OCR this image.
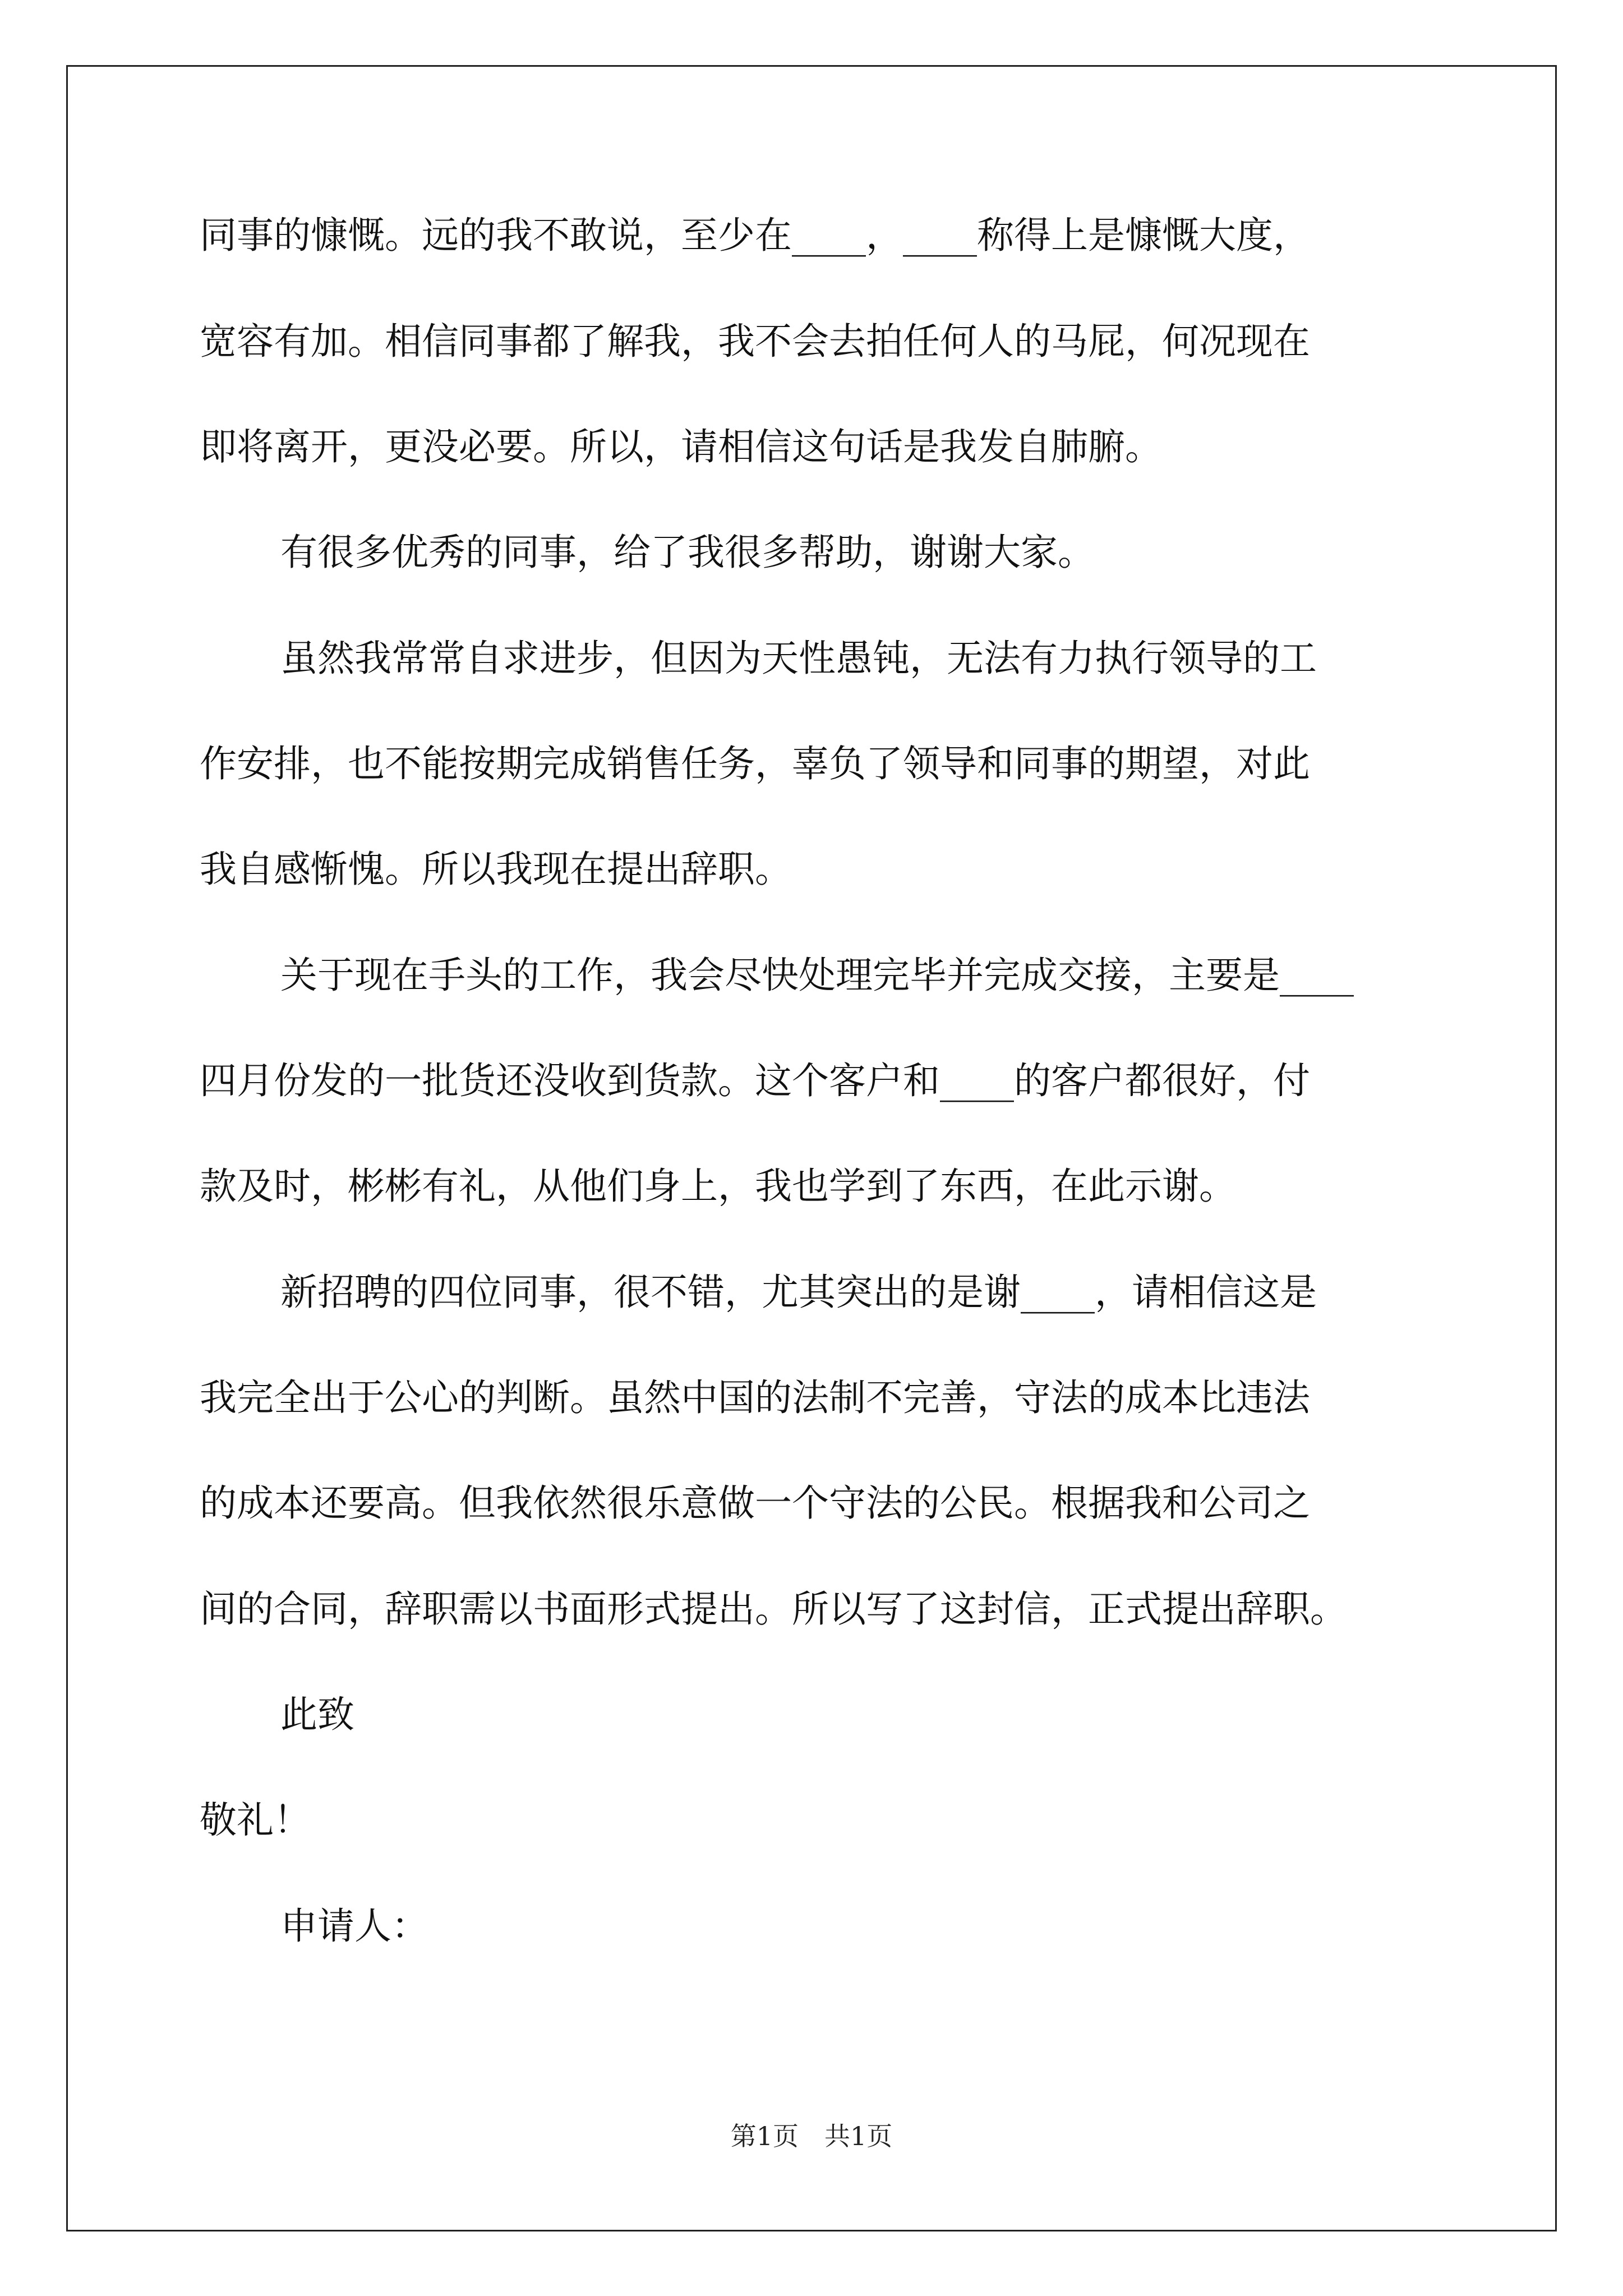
同事的慷慨。远的我不敢说，至少在____，____称得上是慷慨大度，
宽容有加。相信同事都了解我，我不会去拍任何人的马屁，何况现在
即将离开，更没必要。所以，请相信这句话是我发自肺腑。
有很多优秀的同事，给了我很多帮助，谢谢大家。
虽然我常常自求进步，但因为天性愚钝，无法有力执行领导的工
作安排，也不能按期完成销售任务，辜负了领导和同事的期望，对此
我自感惭愧。所以我现在提出辞职。
关于现在手头的工作，我会尽快处理完毕并完成交接，主要是____
四月份发的一批货还没收到货款。这个客户和____的客户都很好，付
款及时，彬彬有礼，从他们身上，我也学到了东西，在此示谢。
新招聘的四位同事，很不错，尤其突出的是谢____，请相信这是
我完全出于公心的判断。虽然中国的法制不完善，守法的成本比违法
的成本还要高。但我依然很乐意做一个守法的公民。根据我和公司之
间的合同，辞职需以书面形式提出。所以写了这封信，正式提出辞职。
此致
敬礼！
申请人：
第1页　共1页
